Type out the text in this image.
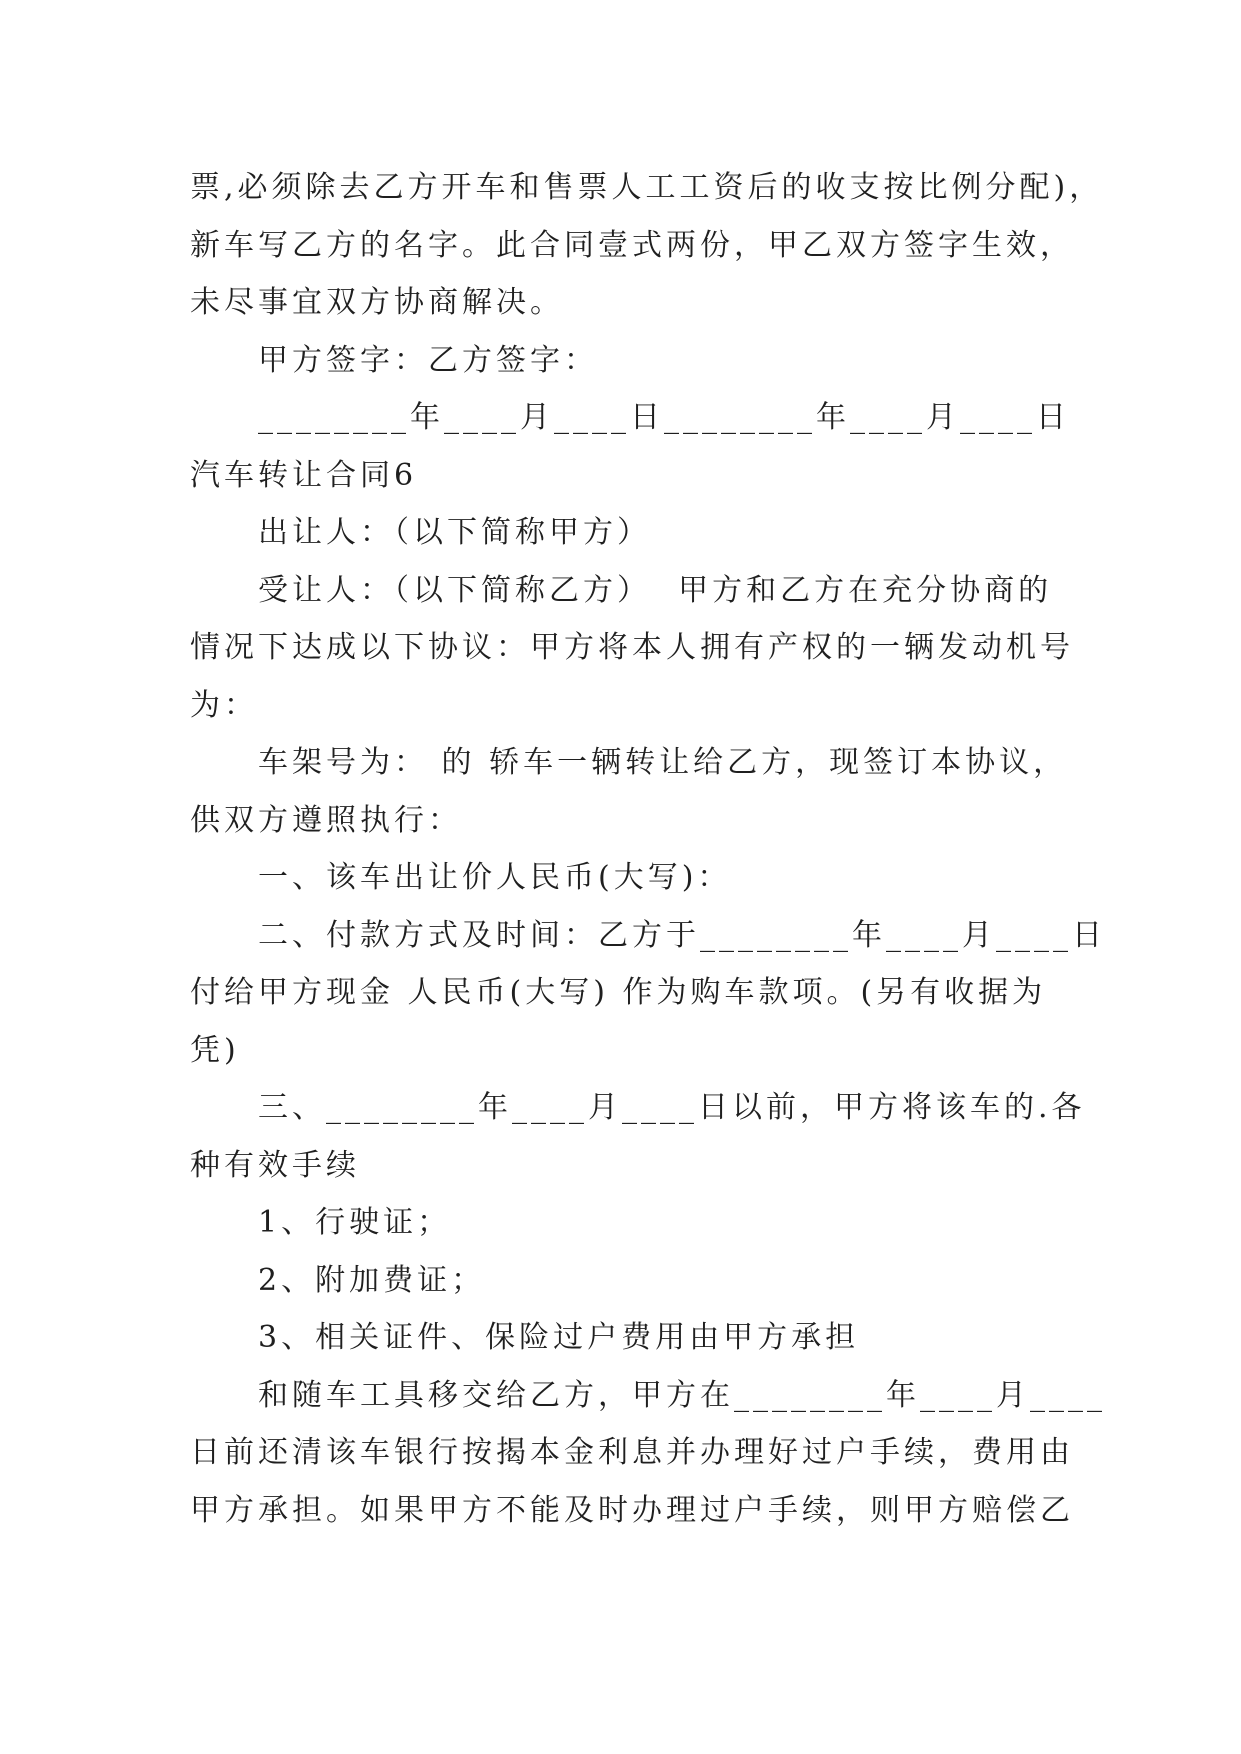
票,必须除去乙方开车和售票人工工资后的收支按比例分配)，
新车写乙方的名字。此合同壹式两份，甲乙双方签字生效，
未尽事宜双方协商解决。
甲方签字：乙方签字：
________年____月____日________年____月____日
汽车转让合同6
出让人：（以下简称甲方）
受让人：（以下简称乙方）  甲方和乙方在充分协商的
情况下达成以下协议：甲方将本人拥有产权的一辆发动机号
为：
车架号为： 的 轿车一辆转让给乙方，现签订本协议，
供双方遵照执行：
一、该车出让价人民币(大写)：
二、付款方式及时间：乙方于________年____月____日
付给甲方现金 人民币(大写) 作为购车款项。(另有收据为
凭)
三、________年____月____日以前，甲方将该车的.各
种有效手续
1、行驶证；
2、附加费证；
3、相关证件、保险过户费用由甲方承担
和随车工具移交给乙方，甲方在________年____月____
日前还清该车银行按揭本金利息并办理好过户手续，费用由
甲方承担。如果甲方不能及时办理过户手续，则甲方赔偿乙
